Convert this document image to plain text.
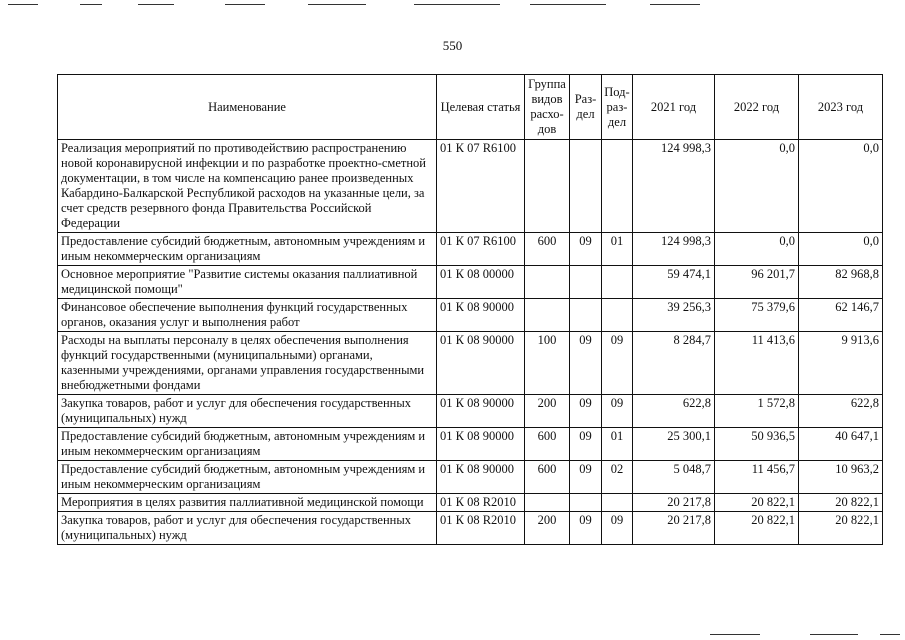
550
Наименование	Целевая статья	Группа видов расхо-дов	Раз-дел	Под-раз-дел	2021 год	2022 год	2023 год
Реализация мероприятий по противодействию распространению новой коронавирусной инфекции и по разработке проектно-сметной документации, в том числе на компенсацию ранее произведенных Кабардино-Балкарской Республикой расходов на указанные цели, за счет средств резервного фонда Правительства Российской Федерации	01 К 07 R6100				124 998,3	0,0	0,0
Предоставление субсидий бюджетным, автономным учреждениям и иным некоммерческим организациям	01 К 07 R6100	600	09	01	124 998,3	0,0	0,0
Основное мероприятие "Развитие системы оказания паллиативной медицинской помощи"	01 К 08 00000				59 474,1	96 201,7	82 968,8
Финансовое обеспечение выполнения функций государственных органов, оказания услуг и выполнения работ	01 К 08 90000				39 256,3	75 379,6	62 146,7
Расходы на выплаты персоналу в целях обеспечения выполнения функций государственными (муниципальными) органами, казенными учреждениями, органами управления государственными внебюджетными фондами	01 К 08 90000	100	09	09	8 284,7	11 413,6	9 913,6
Закупка товаров, работ и услуг для обеспечения государственных (муниципальных) нужд	01 К 08 90000	200	09	09	622,8	1 572,8	622,8
Предоставление субсидий бюджетным, автономным учреждениям и иным некоммерческим организациям	01 К 08 90000	600	09	01	25 300,1	50 936,5	40 647,1
Предоставление субсидий бюджетным, автономным учреждениям и иным некоммерческим организациям	01 К 08 90000	600	09	02	5 048,7	11 456,7	10 963,2
Мероприятия в целях развития паллиативной медицинской помощи	01 К 08 R2010				20 217,8	20 822,1	20 822,1
Закупка товаров, работ и услуг для обеспечения государственных (муниципальных) нужд	01 К 08 R2010	200	09	09	20 217,8	20 822,1	20 822,1
